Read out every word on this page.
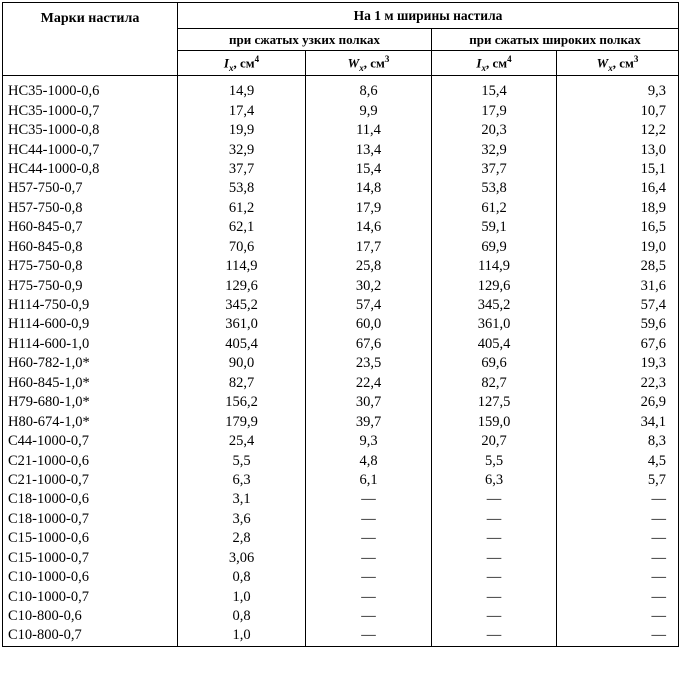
Марки настила	На 1 м ширины настила			
	при сжатых узких полках		при сжатых широких полках	
	$I_x$, $см^4$	$W_x$, $см^3$	$I_x$, $см^4$	$W_x$, $см^3$
НС35-1000-0,6	14,9	8,6	15,4	9,3
НС35-1000-0,7	17,4	9,9	17,9	10,7
НС35-1000-0,8	19,9	11,4	20,3	12,2
НС44-1000-0,7	32,9	13,4	32,9	13,0
НС44-1000-0,8	37,7	15,4	37,7	15,1
Н57-750-0,7	53,8	14,8	53,8	16,4
Н57-750-0,8	61,2	17,9	61,2	18,9
Н60-845-0,7	62,1	14,6	59,1	16,5
Н60-845-0,8	70,6	17,7	69,9	19,0
Н75-750-0,8	114,9	25,8	114,9	28,5
Н75-750-0,9	129,6	30,2	129,6	31,6
Н114-750-0,9	345,2	57,4	345,2	57,4
Н114-600-0,9	361,0	60,0	361,0	59,6
Н114-600-1,0	405,4	67,6	405,4	67,6
Н60-782-1,0*	90,0	23,5	69,6	19,3
Н60-845-1,0*	82,7	22,4	82,7	22,3
Н79-680-1,0*	156,2	30,7	127,5	26,9
Н80-674-1,0*	179,9	39,7	159,0	34,1
С44-1000-0,7	25,4	9,3	20,7	8,3
С21-1000-0,6	5,5	4,8	5,5	4,5
С21-1000-0,7	6,3	6,1	6,3	5,7
С18-1000-0,6	3,1	—	—	—
С18-1000-0,7	3,6	—	—	—
С15-1000-0,6	2,8	—	—	—
С15-1000-0,7	3,06	—	—	—
С10-1000-0,6	0,8	—	—	—
С10-1000-0,7	1,0	—	—	—
С10-800-0,6	0,8	—	—	—
С10-800-0,7	1,0	—	—	—
